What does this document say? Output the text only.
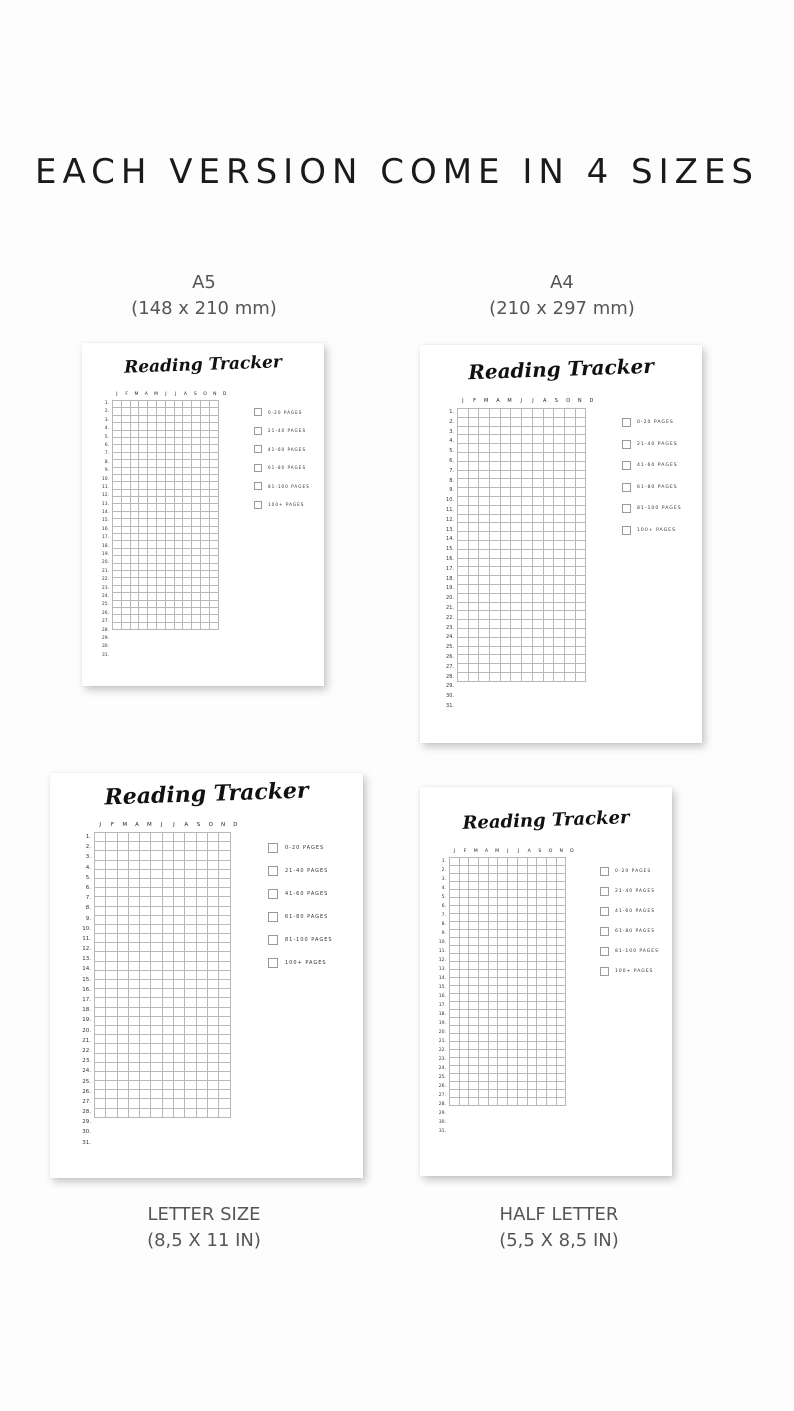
EACH VERSION COME IN 4 SIZES
A5
(148 x 210 mm)
A4
(210 x 297 mm)
Reading Tracker
J	F	M	A	M	J	J	A	S	O	N	D
1.
2.
3.
4.
5.
6.
7.
8.
9.
10.
11.
12.
13.
14.
15.
16.
17.
18.
19.
20.
21.
22.
23.
24.
25.
26.
27.
28.
29.
30.
31.
0-20 PAGES
21-40 PAGES
41-60 PAGES
61-80 PAGES
81-100 PAGES
100+ PAGES
Reading Tracker
J	F	M	A	M	J	J	A	S	O	N	D
1.
2.
3.
4.
5.
6.
7.
8.
9.
10.
11.
12.
13.
14.
15.
16.
17.
18.
19.
20.
21.
22.
23.
24.
25.
26.
27.
28.
29.
30.
31.
0-20 PAGES
21-40 PAGES
41-60 PAGES
61-80 PAGES
81-100 PAGES
100+ PAGES
Reading Tracker
J	F	M	A	M	J	J	A	S	O	N	D
1.
2.
3.
4.
5.
6.
7.
8.
9.
10.
11.
12.
13.
14.
15.
16.
17.
18.
19.
20.
21.
22.
23.
24.
25.
26.
27.
28.
29.
30.
31.
0-20 PAGES
21-40 PAGES
41-60 PAGES
61-80 PAGES
81-100 PAGES
100+ PAGES
Reading Tracker
J	F	M	A	M	J	J	A	S	O	N	D
1.
2.
3.
4.
5.
6.
7.
8.
9.
10.
11.
12.
13.
14.
15.
16.
17.
18.
19.
20.
21.
22.
23.
24.
25.
26.
27.
28.
29.
30.
31.
0-20 PAGES
21-40 PAGES
41-60 PAGES
61-80 PAGES
81-100 PAGES
100+ PAGES
LETTER SIZE
(8,5 X 11 IN)
HALF LETTER
(5,5 X 8,5 IN)
